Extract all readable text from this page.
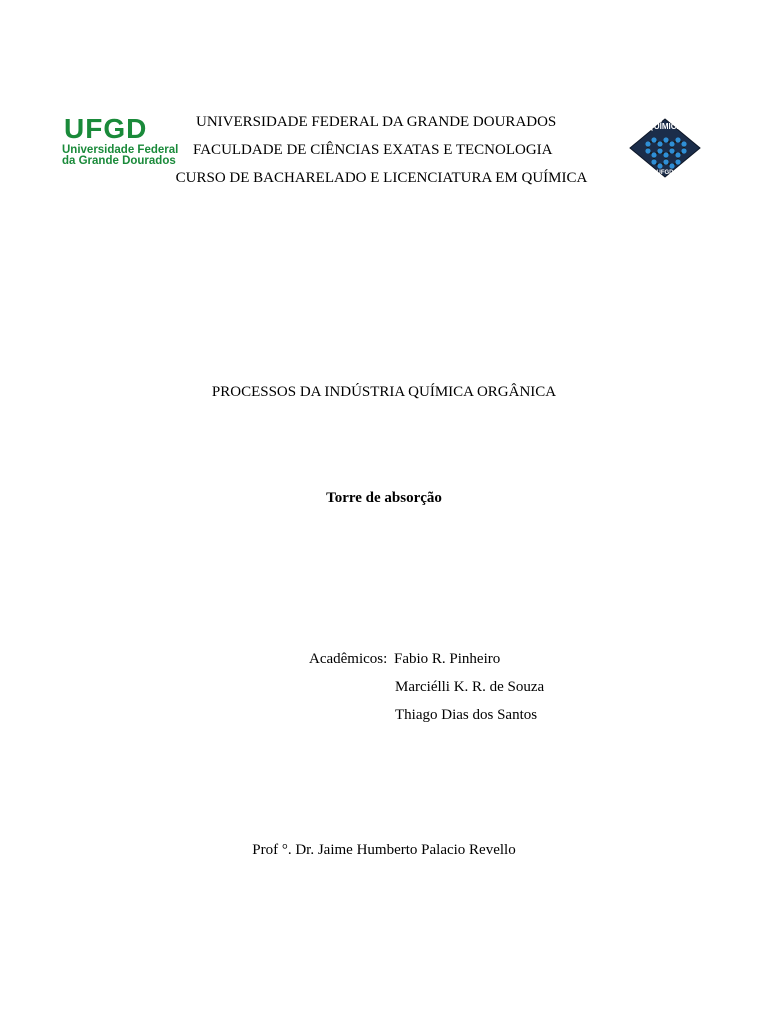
UFGD
Universidade Federal
da Grande Dourados
UNIVERSIDADE FEDERAL DA GRANDE DOURADOS
FACULDADE DE CIÊNCIAS EXATAS E TECNOLOGIA
CURSO DE BACHARELADO E LICENCIATURA EM QUÍMICA
QUÍMICA
UFGD
PROCESSOS DA INDÚSTRIA QUÍMICA ORGÂNICA
Torre de absorção
Acadêmicos: Fabio R. Pinheiro
Marciélli K. R. de Souza
Thiago Dias dos Santos
Prof °. Dr. Jaime Humberto Palacio Revello
